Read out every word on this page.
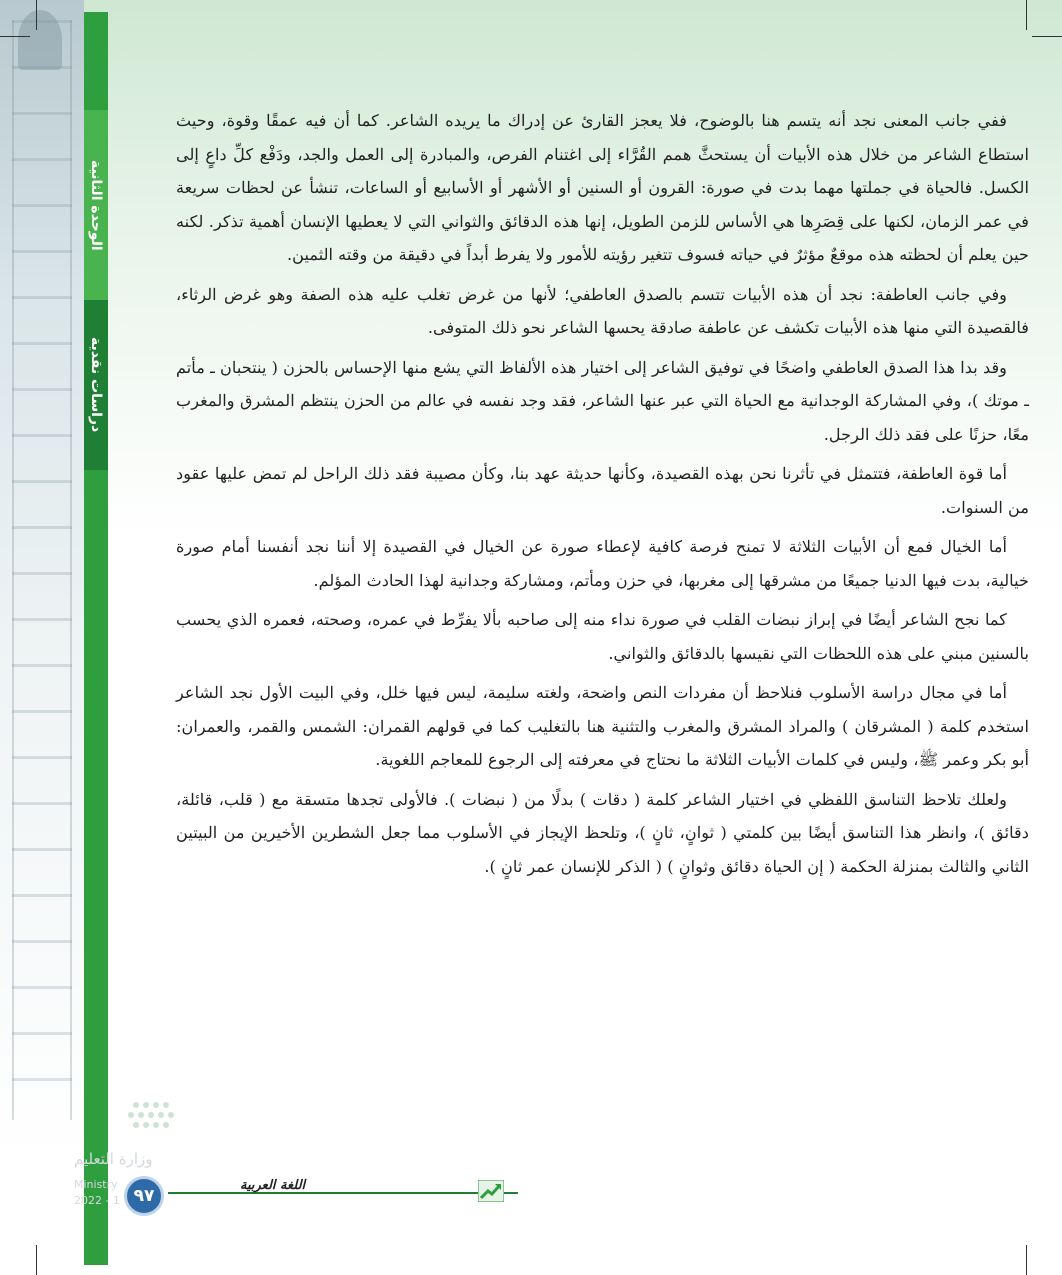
الوحدة الثانية
دراسات نقدية

ففي جانب المعنى نجد أنه يتسم هنا بالوضوح، فلا يعجز القارئ عن إدراك ما يريده الشاعر. كما أن فيه عمقًا وقوة، وحيث استطاع الشاعر من خلال هذه الأبيات أن يستحثَّ همم القُرَّاء إلى اغتنام الفرص، والمبادرة إلى العمل والجد، ودَفْع كلِّ داعٍ إلى الكسل. فالحياة في جملتها مهما بدت في صورة: القرون أو السنين أو الأشهر أو الأسابيع أو الساعات، تنشأ عن لحظات سريعة في عمر الزمان، لكنها على قِصَرِها هي الأساس للزمن الطويل، إنها هذه الدقائق والثواني التي لا يعطيها الإنسان أهمية تذكر. لكنه حين يعلم أن لحظته هذه موقعٌ مؤثرٌ في حياته فسوف تتغير رؤيته للأمور ولا يفرط أبداً في دقيقة من وقته الثمين.

وفي جانب العاطفة: نجد أن هذه الأبيات تتسم بالصدق العاطفي؛ لأنها من غرض تغلب عليه هذه الصفة وهو غرض الرثاء، فالقصيدة التي منها هذه الأبيات تكشف عن عاطفة صادقة يحسها الشاعر نحو ذلك المتوفى.

وقد بدا هذا الصدق العاطفي واضحًا في توفيق الشاعر إلى اختيار هذه الألفاظ التي يشع منها الإحساس بالحزن ( ينتحبان ـ مأتم ـ موتك )، وفي المشاركة الوجدانية مع الحياة التي عبر عنها الشاعر، فقد وجد نفسه في عالم من الحزن ينتظم المشرق والمغرب معًا، حزنًا على فقد ذلك الرجل.

أما قوة العاطفة، فتتمثل في تأثرنا نحن بهذه القصيدة، وكأنها حديثة عهد بنا، وكأن مصيبة فقد ذلك الراحل لم تمض عليها عقود من السنوات.

أما الخيال فمع أن الأبيات الثلاثة لا تمنح فرصة كافية لإعطاء صورة عن الخيال في القصيدة إلا أننا نجد أنفسنا أمام صورة خيالية، بدت فيها الدنيا جميعًا من مشرقها إلى مغربها، في حزن ومأتم، ومشاركة وجدانية لهذا الحادث المؤلم.

كما نجح الشاعر أيضًا في إبراز نبضات القلب في صورة نداء منه إلى صاحبه بألا يفرِّط في عمره، وصحته، فعمره الذي يحسب بالسنين مبني على هذه اللحظات التي نقيسها بالدقائق والثواني.

أما في مجال دراسة الأسلوب فنلاحظ أن مفردات النص واضحة، ولغته سليمة، ليس فيها خلل، وفي البيت الأول نجد الشاعر استخدم كلمة ( المشرقان ) والمراد المشرق والمغرب والتثنية هنا بالتغليب كما في قولهم القمران: الشمس والقمر، والعمران: أبو بكر وعمر ﷺ، وليس في كلمات الأبيات الثلاثة ما نحتاج في معرفته إلى الرجوع للمعاجم اللغوية.

ولعلك تلاحظ التناسق اللفظي في اختيار الشاعر كلمة ( دقات ) بدلًا من ( نبضات ). فالأولى تجدها متسقة مع ( قلب، قائلة، دقائق )، وانظر هذا التناسق أيضًا بين كلمتي ( ثوانٍ، ثانٍ )، وتلحظ الإيجاز في الأسلوب مما جعل الشطرين الأخيرين من البيتين الثاني والثالث بمنزلة الحكمة ( إن الحياة دقائق وثوانٍ ) ( الذكر للإنسان عمر ثانٍ ).

وزارة التعليم
Ministry
2022 - 1
اللغة العربية
٩٧
